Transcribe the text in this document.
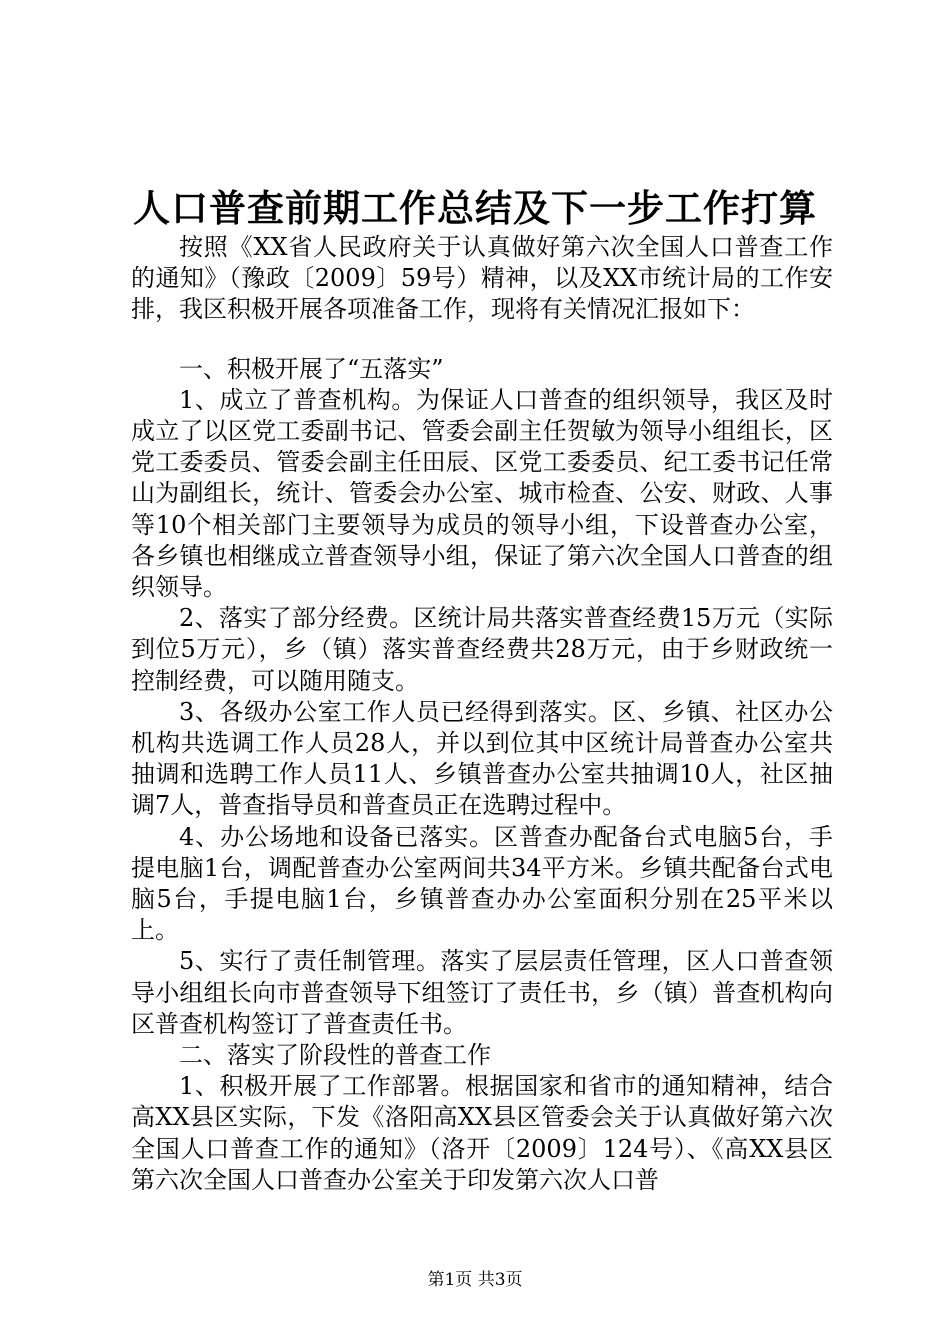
人口普查前期工作总结及下一步工作打算

按照《XX省人民政府关于认真做好第六次全国人口普查工作的通知》（豫政〔2009〕59号）精神，以及XX市统计局的工作安排，我区积极开展各项准备工作，现将有关情况汇报如下：

一、积极开展了“五落实”

1、成立了普查机构。为保证人口普查的组织领导，我区及时成立了以区党工委副书记、管委会副主任贺敏为领导小组组长，区党工委委员、管委会副主任田辰、区党工委委员、纪工委书记任常山为副组长，统计、管委会办公室、城市检查、公安、财政、人事等10个相关部门主要领导为成员的领导小组，下设普查办公室，各乡镇也相继成立普查领导小组，保证了第六次全国人口普查的组织领导。

2、落实了部分经费。区统计局共落实普查经费15万元（实际到位5万元），乡（镇）落实普查经费共28万元，由于乡财政统一控制经费，可以随用随支。

3、各级办公室工作人员已经得到落实。区、乡镇、社区办公机构共选调工作人员28人，并以到位其中区统计局普查办公室共抽调和选聘工作人员11人、乡镇普查办公室共抽调10人，社区抽调7人，普查指导员和普查员正在选聘过程中。

4、办公场地和设备已落实。区普查办配备台式电脑5台，手提电脑1台，调配普查办公室两间共34平方米。乡镇共配备台式电脑5台，手提电脑1台，乡镇普查办办公室面积分别在25平米以上。

5、实行了责任制管理。落实了层层责任管理，区人口普查领导小组组长向市普查领导下组签订了责任书，乡（镇）普查机构向区普查机构签订了普查责任书。

二、落实了阶段性的普查工作

1、积极开展了工作部署。根据国家和省市的通知精神，结合高XX县区实际，下发《洛阳高XX县区管委会关于认真做好第六次全国人口普查工作的通知》（洛开〔2009〕124号）、《高XX县区第六次全国人口普查办公室关于印发第六次人口普

第1页 共3页
